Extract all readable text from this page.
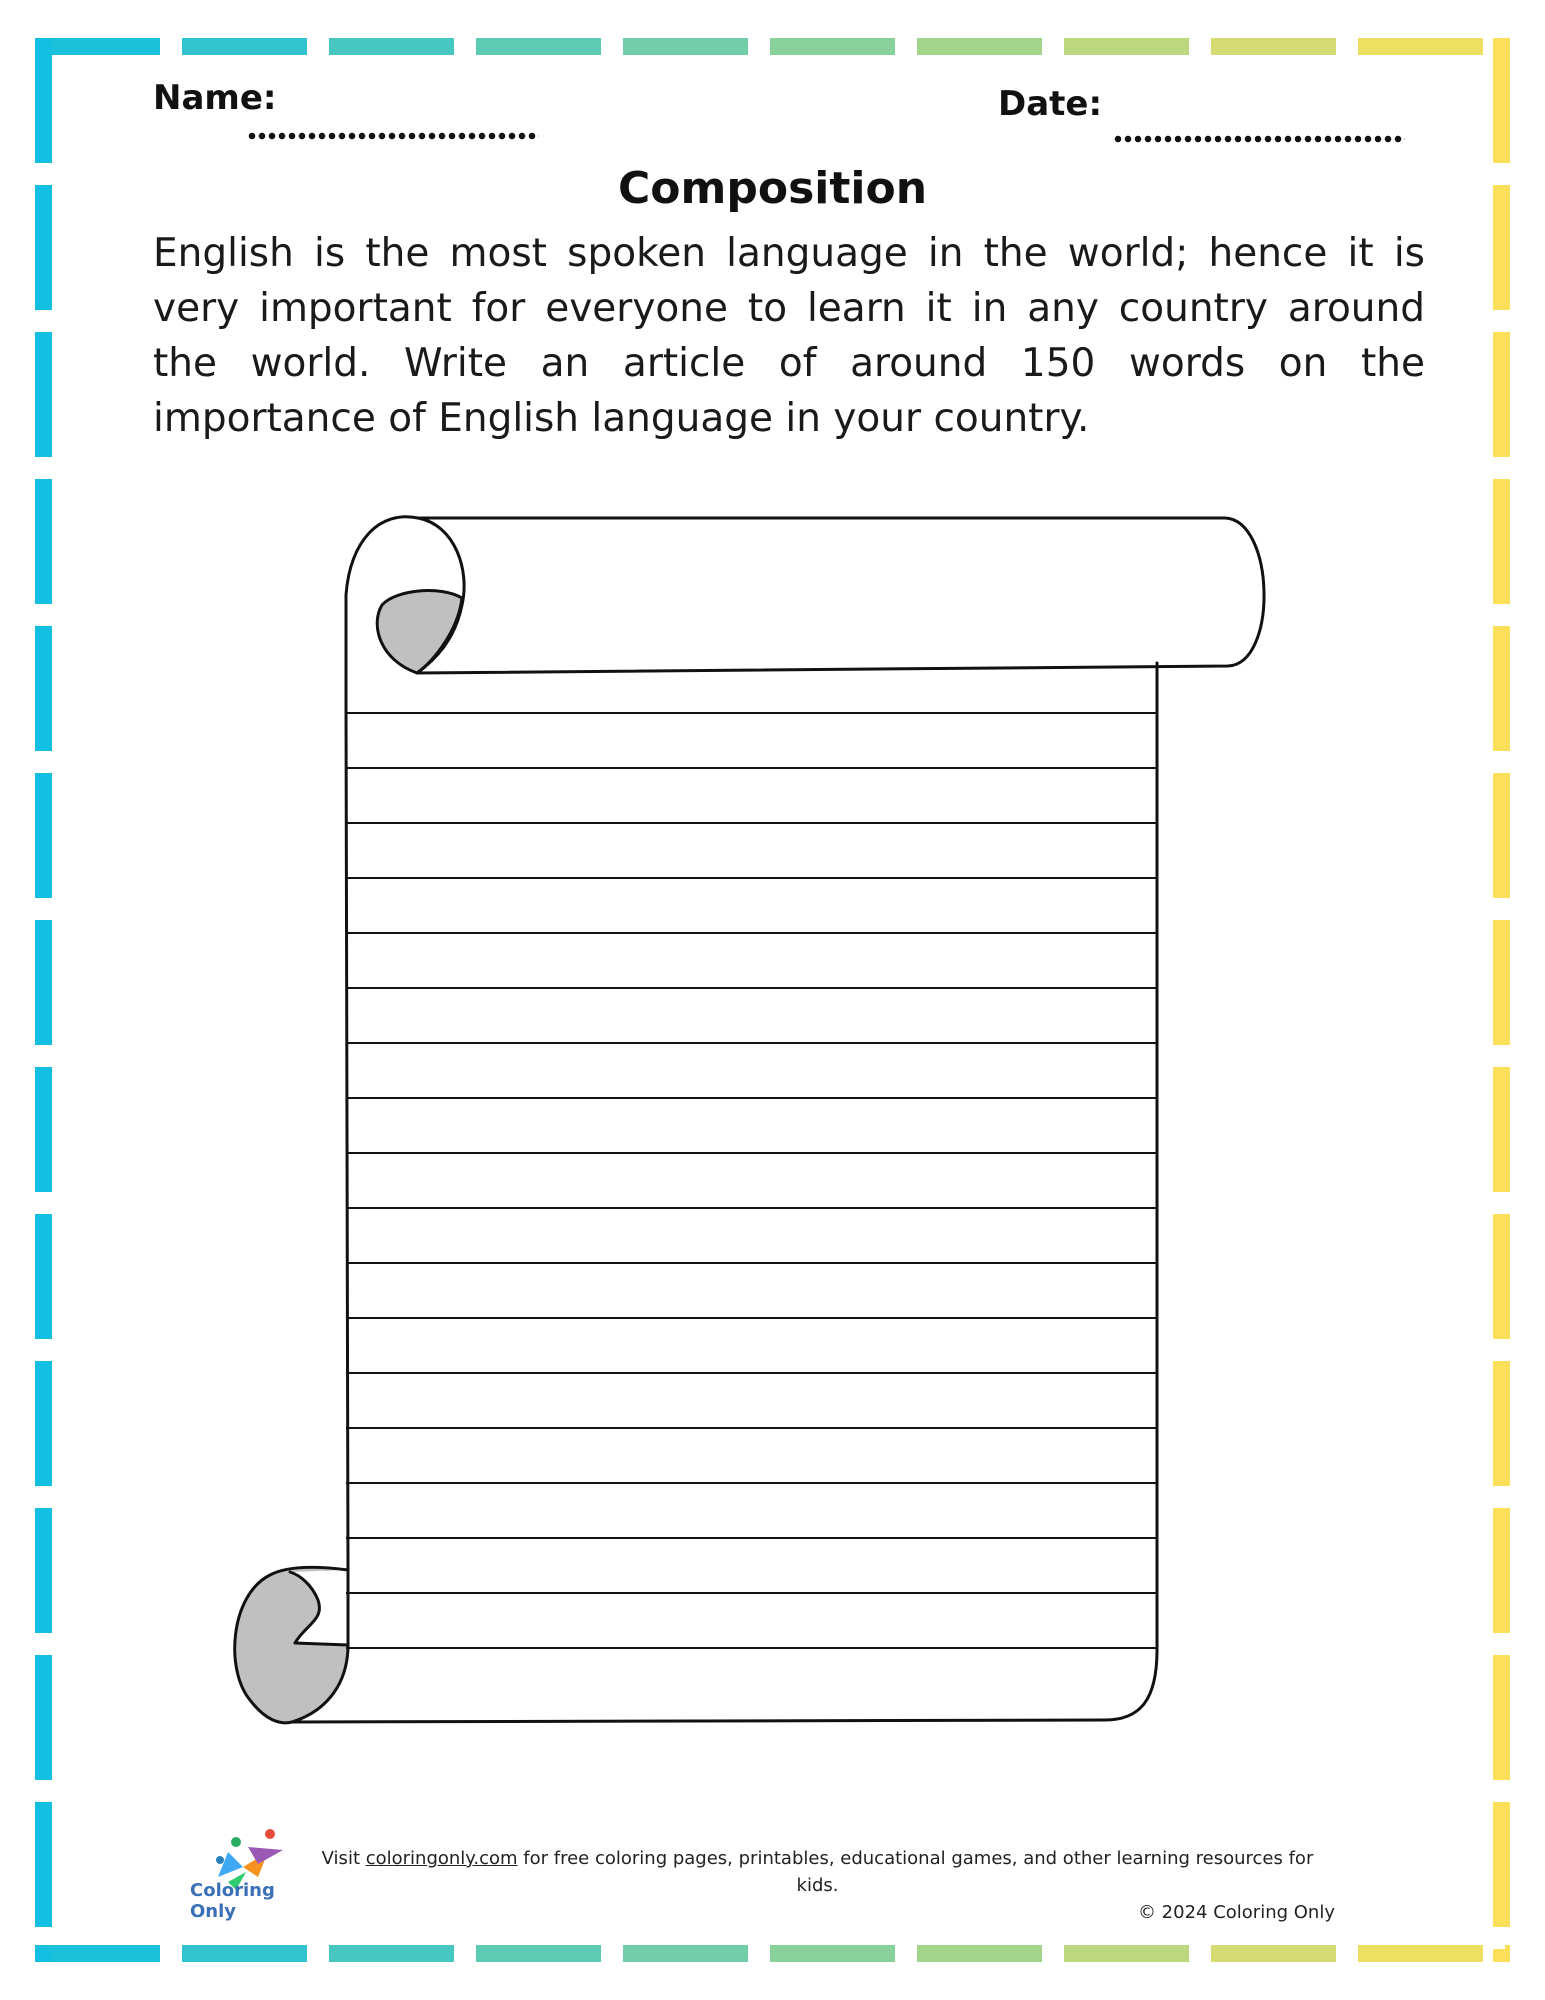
Name:	Date:
Composition
English is the most spoken language in the world; hence it is very important for everyone to learn it in any country around the world. Write an article of around 150 words on the importance of English language in your country.
Coloring Only
Visit coloringonly.com for free coloring pages, printables, educational games, and other learning resources for kids.
© 2024 Coloring Only
